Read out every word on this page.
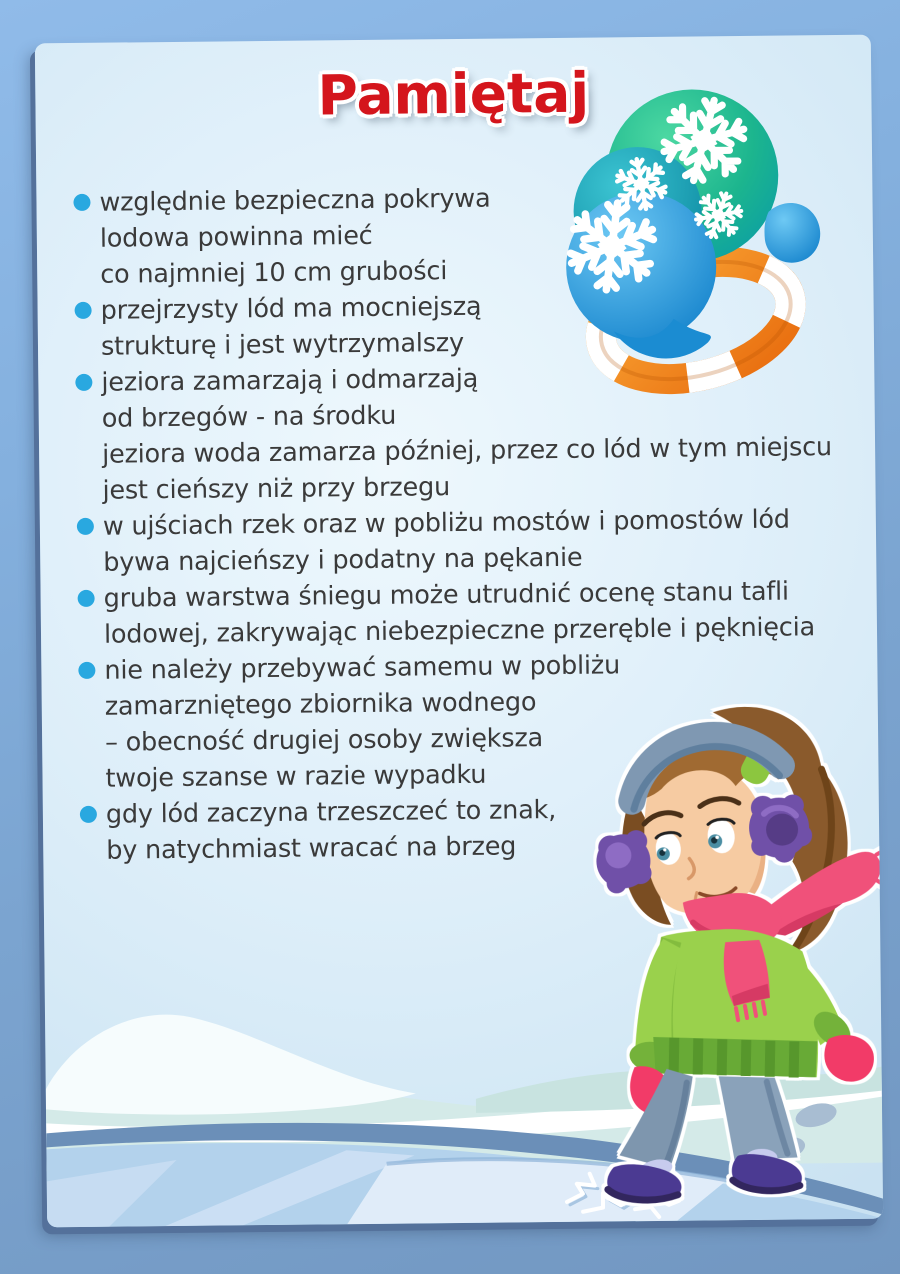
Pamiętaj
względnie bezpieczna pokrywa
lodowa powinna mieć
co najmniej 10 cm grubości
przejrzysty lód ma mocniejszą
strukturę i jest wytrzymalszy
jeziora zamarzają i odmarzają
od brzegów - na środku
jeziora woda zamarza później, przez co lód w tym miejscu
jest cieńszy niż przy brzegu
w ujściach rzek oraz w pobliżu mostów i pomostów lód
bywa najcieńszy i podatny na pękanie
gruba warstwa śniegu może utrudnić ocenę stanu tafli
lodowej, zakrywając niebezpieczne przeręble i pęknięcia
nie należy przebywać samemu w pobliżu
zamarzniętego zbiornika wodnego
– obecność drugiej osoby zwiększa
twoje szanse w razie wypadku
gdy lód zaczyna trzeszczeć to znak,
by natychmiast wracać na brzeg
